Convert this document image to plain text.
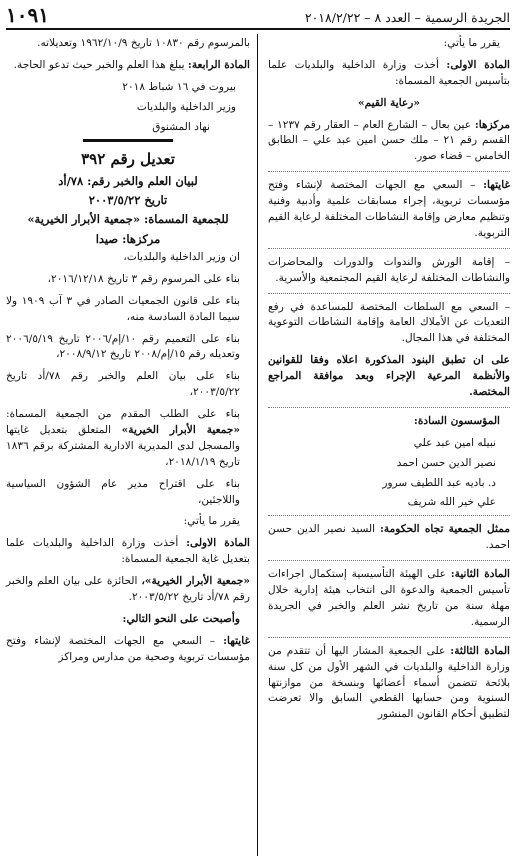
الجريدة الرسمية – العدد ٨ – ٢٠١٨/٢/٢٢
١٠٩١

يقرر ما يأتي:

المادة الاولى: أخذت وزارة الداخلية والبلديات علما بتأسيس الجمعية المسماة:

«رعاية القيم»

مركزها: عين بعال – الشارع العام – العقار رقم ١٢٣٧ – القسم رقم ٢١ – ملك حسن امين عبد علي – الطابق الخامس – قضاء صور.

غايتها: – السعي مع الجهات المختصة لإنشاء وفتح مؤسسات تربوية، إجراء مسابقات علمية وأدبية وفنية وتنظيم معارض وإقامة النشاطات المختلفة لرعاية القيم التربوية.

– إقامة الورش والندوات والدورات والمحاضرات والنشاطات المختلفة لرعاية القيم المجتمعية والأسرية.

– السعي مع السلطات المختصة للمساعدة في رفع التعديات عن الأملاك العامة وإقامة النشاطات التوعوية المختلفة في هذا المجال.

على ان تطبق البنود المذكورة اعلاه وفقا للقوانين والأنظمة المرعية الإجراء وبعد موافقة المراجع المختصة.

المؤسسون السادة:

نبيله امين عبد علي

نصير الدين حسن احمد

د. باديه عبد اللطيف سرور

علي خير الله شريف

ممثل الجمعية تجاه الحكومة: السيد نصير الدين حسن احمد.

المادة الثانية: على الهيئة التأسيسية إستكمال اجراءات تأسيس الجمعية والدعوة الى انتخاب هيئة إدارية خلال مهلة سنة من تاريخ نشر العلم والخبر في الجريدة الرسمية.

المادة الثالثة: على الجمعية المشار اليها أن تتقدم من وزارة الداخلية والبلديات في الشهر الأول من كل سنة بلائحة تتضمن أسماء أعضائها وبنسخة من موازنتها السنوية ومن حسابها القطعي السابق والا تعرضت لتطبيق أحكام القانون المنشور

بالمرسوم رقم ١٠٨٣٠ تاريخ ١٩٦٢/١٠/٩ وتعديلاته.

المادة الرابعة: يبلغ هذا العلم والخبر حيث تدعو الحاجة.

بيروت في ١٦ شباط ٢٠١٨

وزير الداخلية والبلديات

نهاد المشنوق

تعديل رقم ٣٩٢

لبيان العلم والخبر رقم: ٧٨/أد

تاريخ ٢٠٠٣/٥/٢٢

للجمعية المسماة: «جمعية الأبرار الخيرية»

مركزها: صيدا

ان وزير الداخلية والبلديات،

بناء على المرسوم رقم ٣ تاريخ ٢٠١٦/١٢/١٨،

بناء على قانون الجمعيات الصادر في ٣ آب ١٩٠٩ ولا سيما المادة السادسة منه،

بناء على التعميم رقم ١٠/إم/٢٠٠٦ تاريخ ٢٠٠٦/٥/١٩ وتعديله رقم ١٥/إم/٢٠٠٨ تاريخ ٢٠٠٨/٩/١٢،

بناء على بيان العلم والخبر رقم ٧٨/أد تاريخ ٢٠٠٣/٥/٢٢،

بناء على الطلب المقدم من الجمعية المسماة: «جمعية الأبرار الخيرية» المتعلق بتعديل غايتها والمسجل لدى المديرية الادارية المشتركة برقم ١٨٣٦ تاريخ ٢٠١٨/١/١٩،

بناء على اقتراح مدير عام الشؤون السياسية واللاجئين،

يقرر ما يأتي:

المادة الاولى: أخذت وزارة الداخلية والبلديات علما بتعديل غاية الجمعية المسماة:

«جمعية الأبرار الخيرية»، الحائزة على بيان العلم والخبر رقم ٧٨/أد تاريخ ٢٠٠٣/٥/٢٢.

وأصبحت على النحو التالي:

غايتها: – السعي مع الجهات المختصة لإنشاء وفتح مؤسسات تربوية وصحية من مدارس ومراكز
